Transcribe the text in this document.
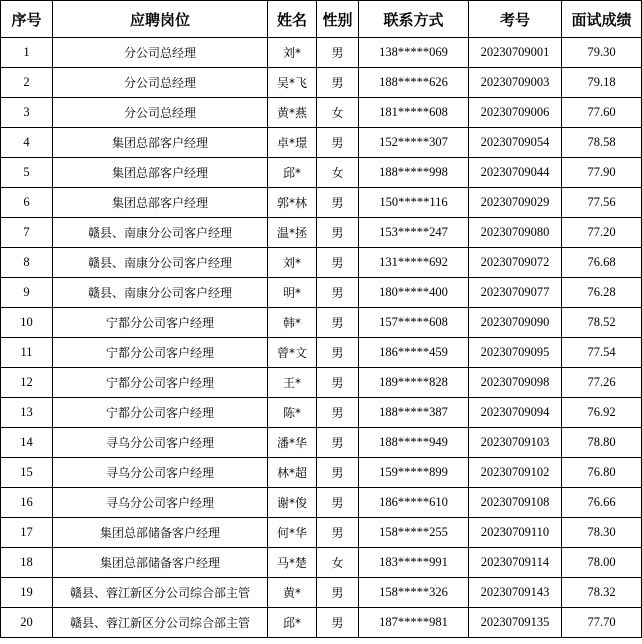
序号	应聘岗位	姓名	性别	联系方式	考号	面试成绩
1	分公司总经理	刘*	男	138*****069	20230709001	79.30
2	分公司总经理	吴*飞	男	188*****626	20230709003	79.18
3	分公司总经理	黄*燕	女	181*****608	20230709006	77.60
4	集团总部客户经理	卓*璟	男	152*****307	20230709054	78.58
5	集团总部客户经理	邱*	女	188*****998	20230709044	77.90
6	集团总部客户经理	郭*林	男	150*****116	20230709029	77.56
7	赣县、南康分公司客户经理	温*拯	男	153*****247	20230709080	77.20
8	赣县、南康分公司客户经理	刘*	男	131*****692	20230709072	76.68
9	赣县、南康分公司客户经理	明*	男	180*****400	20230709077	76.28
10	宁都分公司客户经理	韩*	男	157*****608	20230709090	78.52
11	宁都分公司客户经理	曾*文	男	186*****459	20230709095	77.54
12	宁都分公司客户经理	王*	男	189*****828	20230709098	77.26
13	宁都分公司客户经理	陈*	男	188*****387	20230709094	76.92
14	寻乌分公司客户经理	潘*华	男	188*****949	20230709103	78.80
15	寻乌分公司客户经理	林*超	男	159*****899	20230709102	76.80
16	寻乌分公司客户经理	谢*俊	男	186*****610	20230709108	76.66
17	集团总部储备客户经理	何*华	男	158*****255	20230709110	78.30
18	集团总部储备客户经理	马*楚	女	183*****991	20230709114	78.00
19	赣县、蓉江新区分公司综合部主管	黄*	男	158*****326	20230709143	78.32
20	赣县、蓉江新区分公司综合部主管	邱*	男	187*****981	20230709135	77.70
